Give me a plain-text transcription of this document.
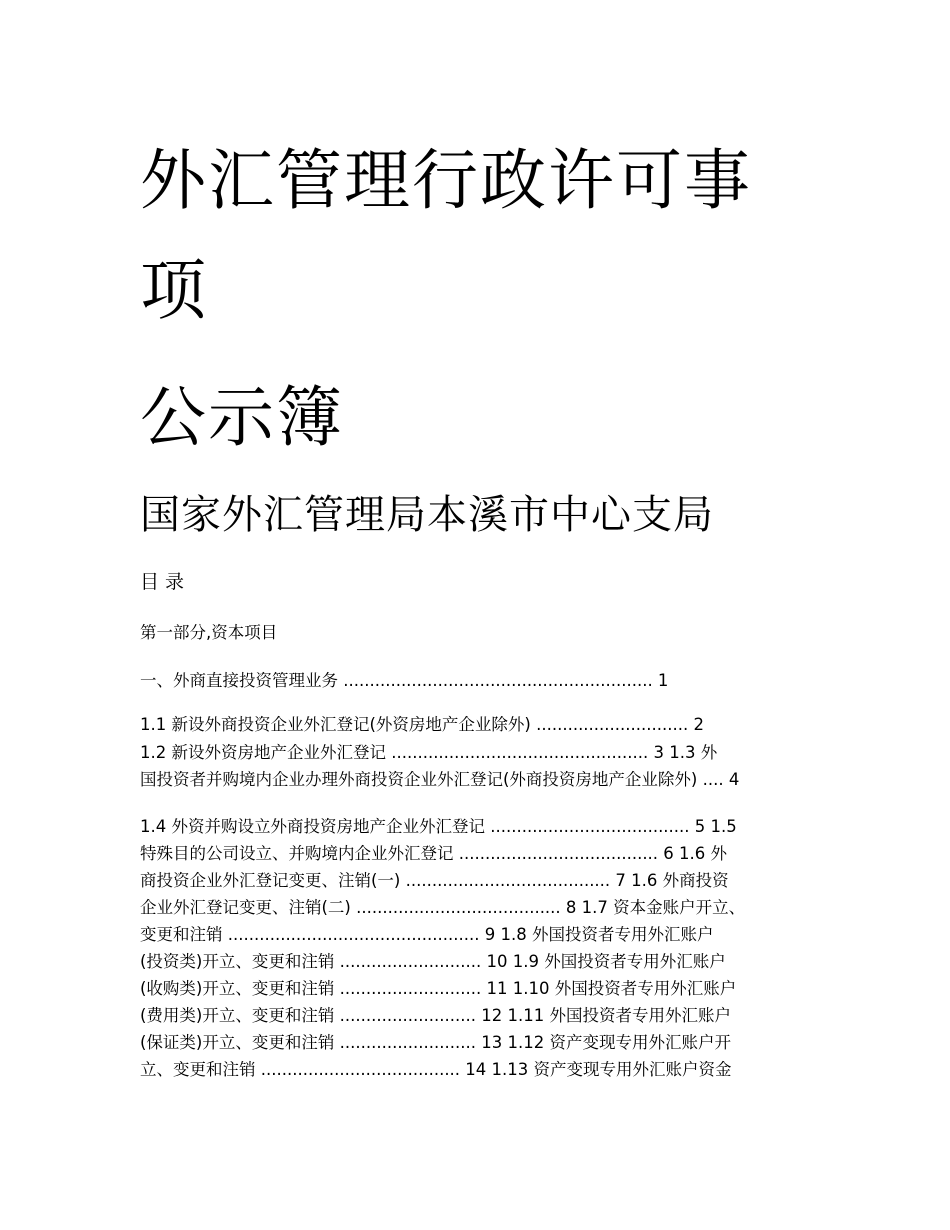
外汇管理行政许可事
项
公示簿
国家外汇管理局本溪市中心支局
目 录
第一部分,资本项目
一、外商直接投资管理业务 ........................................................... 1
1.1 新设外商投资企业外汇登记(外资房地产企业除外) ............................. 2
1.2 新设外资房地产企业外汇登记 ................................................. 3 1.3 外
国投资者并购境内企业办理外商投资企业外汇登记(外商投资房地产企业除外) .... 4
1.4 外资并购设立外商投资房地产企业外汇登记 ...................................... 5 1.5
特殊目的公司设立、并购境内企业外汇登记 ...................................... 6 1.6 外
商投资企业外汇登记变更、注销(一) ....................................... 7 1.6 外商投资
企业外汇登记变更、注销(二) ....................................... 8 1.7 资本金账户开立、
变更和注销 ................................................ 9 1.8 外国投资者专用外汇账户
(投资类)开立、变更和注销 ........................... 10 1.9 外国投资者专用外汇账户
(收购类)开立、变更和注销 ........................... 11 1.10 外国投资者专用外汇账户
(费用类)开立、变更和注销 .......................... 12 1.11 外国投资者专用外汇账户
(保证类)开立、变更和注销 .......................... 13 1.12 资产变现专用外汇账户开
立、变更和注销 ...................................... 14 1.13 资产变现专用外汇账户资金
